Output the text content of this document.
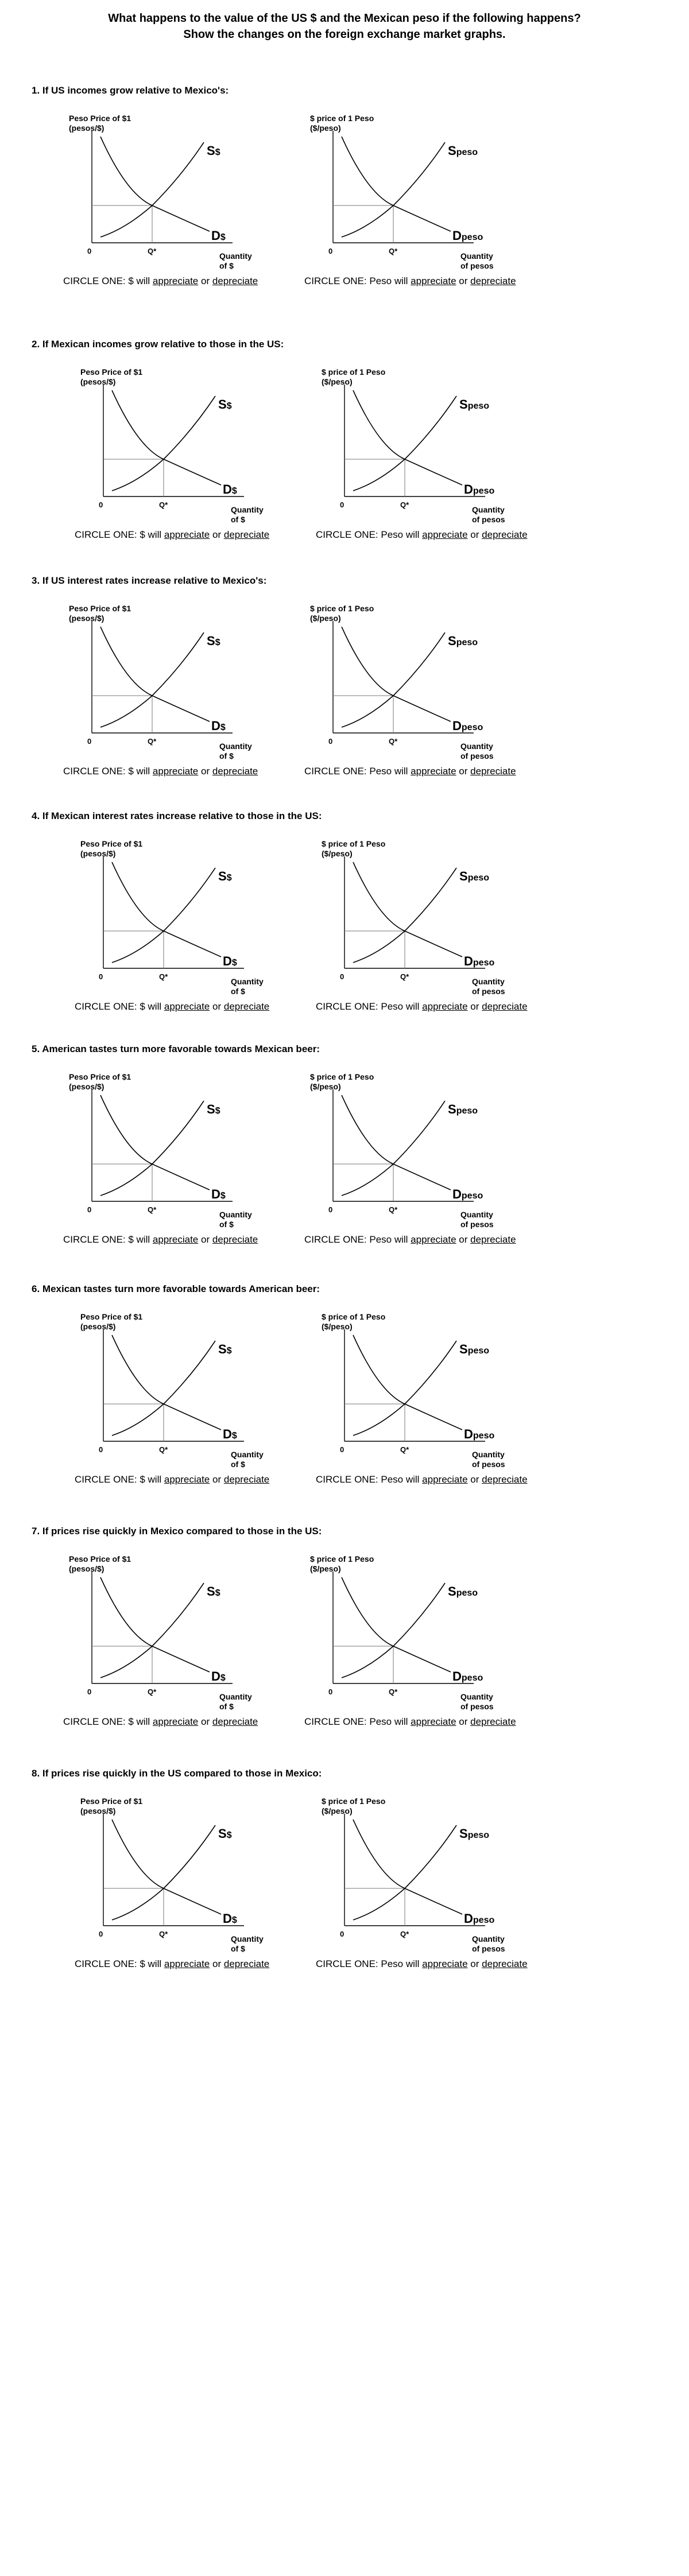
What happens to the value of the US $ and the Mexican peso if the following happens?
Show the changes on the foreign exchange market graphs.
1. If US incomes grow relative to Mexico's:
Peso Price of $1
(pesos/$)
0	Q*
Quantity
of $
S$
D$
CIRCLE ONE: $ will appreciate or depreciate
$ price of 1 Peso
($/peso)
0	Q*
Quantity
of pesos
Speso
Dpeso
CIRCLE ONE: Peso will appreciate or depreciate
2. If Mexican incomes grow relative to those in the US:
Peso Price of $1
(pesos/$)
0	Q*
Quantity
of $
S$
D$
CIRCLE ONE: $ will appreciate or depreciate
$ price of 1 Peso
($/peso)
0	Q*
Quantity
of pesos
Speso
Dpeso
CIRCLE ONE: Peso will appreciate or depreciate
3. If US interest rates increase relative to Mexico's:
Peso Price of $1
(pesos/$)
0	Q*
Quantity
of $
S$
D$
CIRCLE ONE: $ will appreciate or depreciate
$ price of 1 Peso
($/peso)
0	Q*
Quantity
of pesos
Speso
Dpeso
CIRCLE ONE: Peso will appreciate or depreciate
4. If Mexican interest rates increase relative to those in the US:
Peso Price of $1
(pesos/$)
0	Q*
Quantity
of $
S$
D$
CIRCLE ONE: $ will appreciate or depreciate
$ price of 1 Peso
($/peso)
0	Q*
Quantity
of pesos
Speso
Dpeso
CIRCLE ONE: Peso will appreciate or depreciate
5. American tastes turn more favorable towards Mexican beer:
Peso Price of $1
(pesos/$)
0	Q*
Quantity
of $
S$
D$
CIRCLE ONE: $ will appreciate or depreciate
$ price of 1 Peso
($/peso)
0	Q*
Quantity
of pesos
Speso
Dpeso
CIRCLE ONE: Peso will appreciate or depreciate
6. Mexican tastes turn more favorable towards American beer:
Peso Price of $1
(pesos/$)
0	Q*
Quantity
of $
S$
D$
CIRCLE ONE: $ will appreciate or depreciate
$ price of 1 Peso
($/peso)
0	Q*
Quantity
of pesos
Speso
Dpeso
CIRCLE ONE: Peso will appreciate or depreciate
7. If prices rise quickly in Mexico compared to those in the US:
Peso Price of $1
(pesos/$)
0	Q*
Quantity
of $
S$
D$
CIRCLE ONE: $ will appreciate or depreciate
$ price of 1 Peso
($/peso)
0	Q*
Quantity
of pesos
Speso
Dpeso
CIRCLE ONE: Peso will appreciate or depreciate
8. If prices rise quickly in the US compared to those in Mexico:
Peso Price of $1
(pesos/$)
0	Q*
Quantity
of $
S$
D$
CIRCLE ONE: $ will appreciate or depreciate
$ price of 1 Peso
($/peso)
0	Q*
Quantity
of pesos
Speso
Dpeso
CIRCLE ONE: Peso will appreciate or depreciate
